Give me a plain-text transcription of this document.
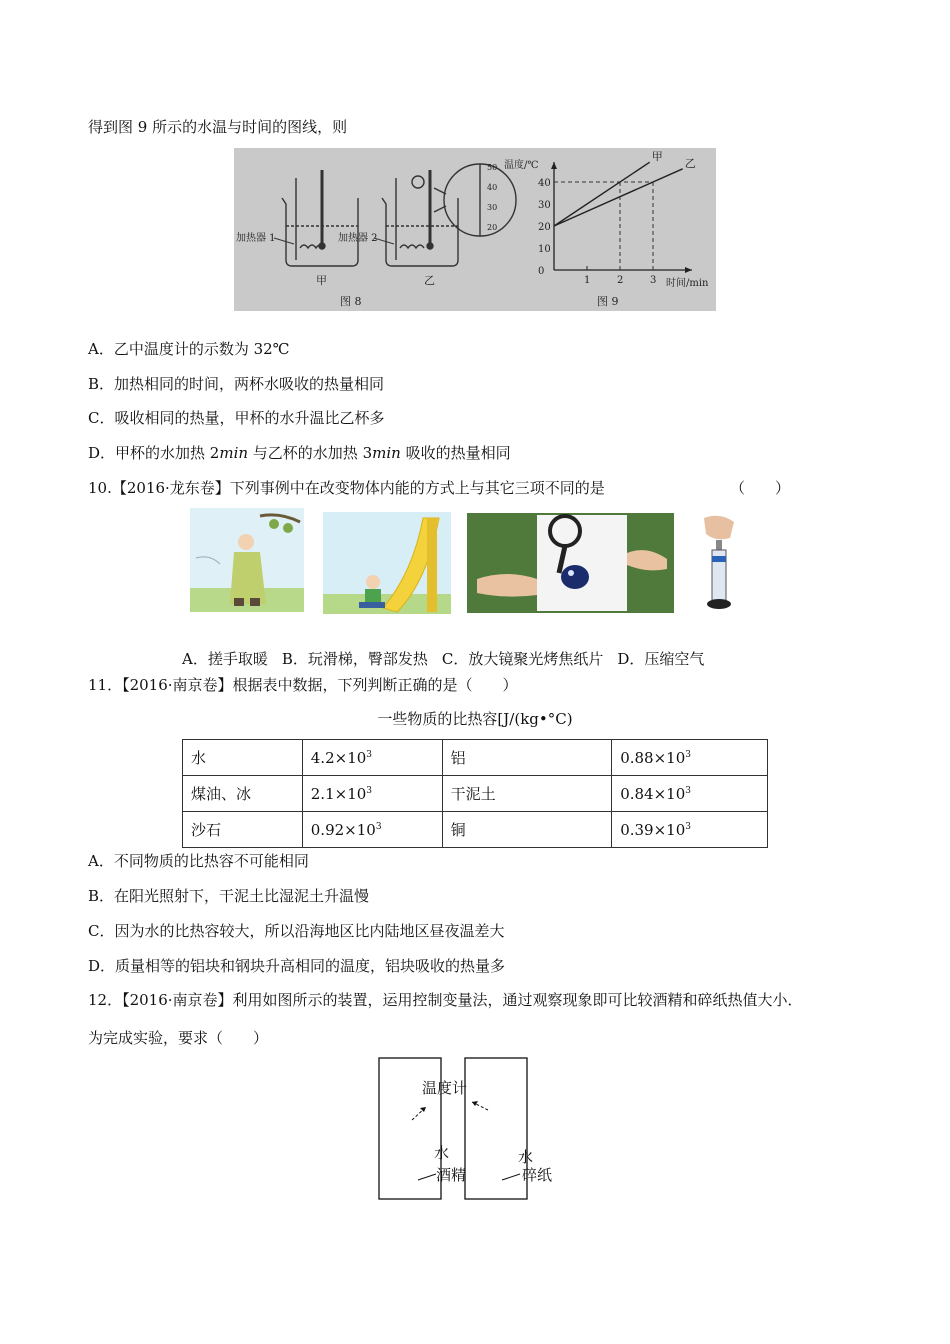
得到图 9 所示的水温与时间的图线，则
加热器 1
甲
加热器 2
乙
图 8
50
40
30
20
40
30
20
10
0
1	2	3
甲
乙
温度/℃
时间/min
图 9
A．乙中温度计的示数为 32℃
B．加热相同的时间，两杯水吸收的热量相同
C．吸收相同的热量，甲杯的水升温比乙杯多
D．甲杯的水加热 2min 与乙杯的水加热 3min 吸收的热量相同
10.【2016·龙东卷】下列事例中在改变物体内能的方式上与其它三项不同的是	（　　）
A．搓手取暖 B．玩滑梯，臀部发热 C．放大镜聚光烤焦纸片 D．压缩空气
11．【2016·南京卷】根据表中数据，下列判断正确的是（　　）
一些物质的比热容[J/(kg•°C)
水	$4.2\times 10^3$	铝	$0.88\times 10^3$
煤油、冰	$2.1\times 10^3$	干泥土	$0.84\times 10^3$
沙石	$0.92\times 10^3$	铜	$0.39\times 10^3$
A．不同物质的比热容不可能相同
B．在阳光照射下，干泥土比湿泥土升温慢
C．因为水的比热容较大，所以沿海地区比内陆地区昼夜温差大
D．质量相等的铝块和钢块升高相同的温度，铝块吸收的热量多
12．【2016·南京卷】利用如图所示的装置，运用控制变量法，通过观察现象即可比较酒精和碎纸热值大小．
为完成实验，要求（　　）
温度计
水	水
酒精	碎纸
